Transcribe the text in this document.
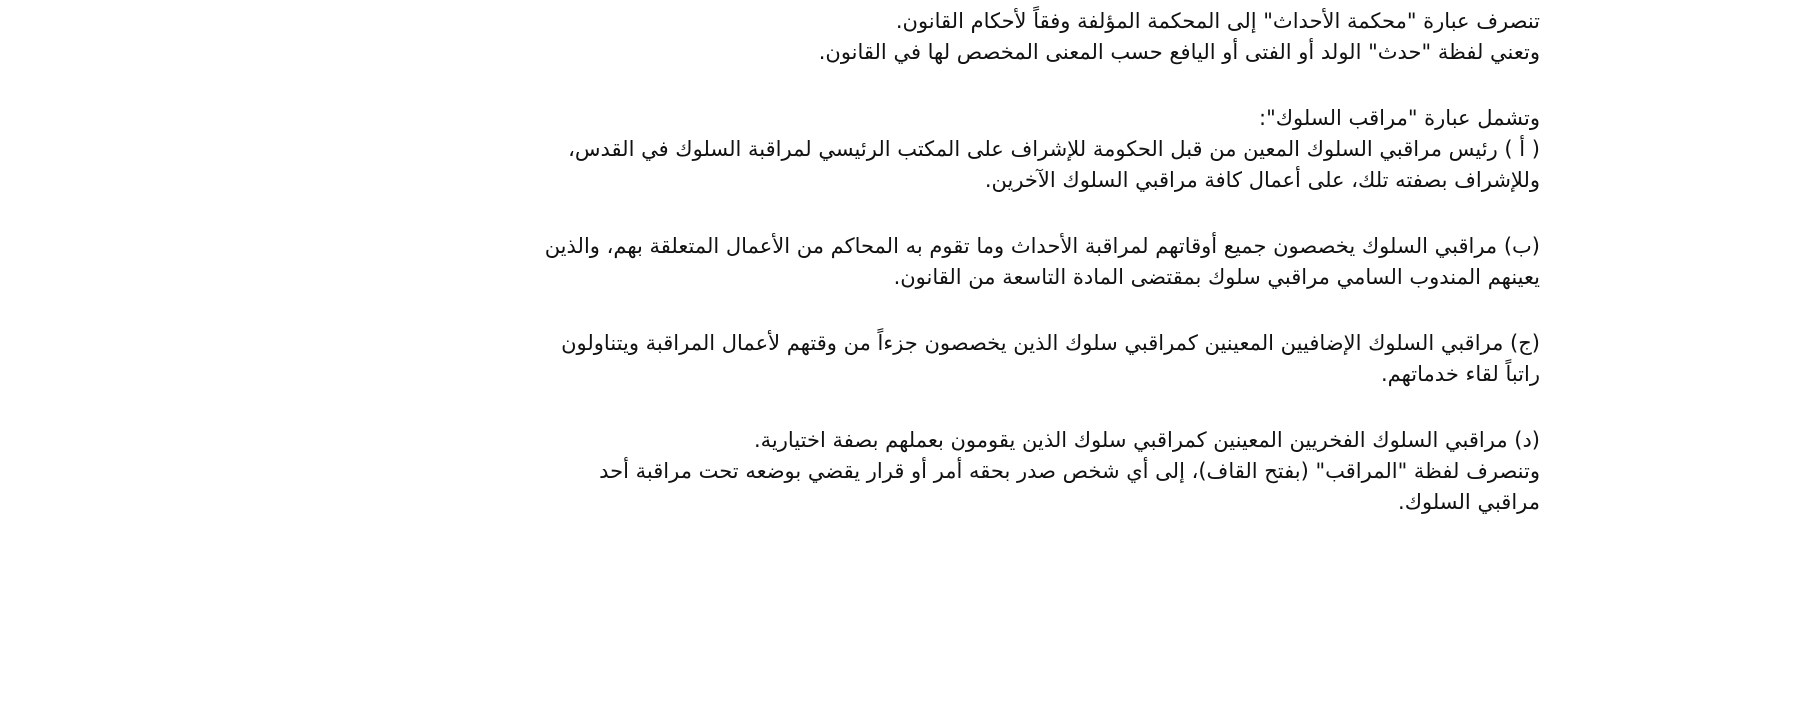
تنصرف عبارة "محكمة الأحداث" إلى المحكمة المؤلفة وفقاً لأحكام القانون.
وتعني لفظة "حدث" الولد أو الفتى أو اليافع حسب المعنى المخصص لها في القانون.

وتشمل عبارة "مراقب السلوك":
( أ ) رئيس مراقبي السلوك المعين من قبل الحكومة للإشراف على المكتب الرئيسي لمراقبة السلوك في القدس،
وللإشراف بصفته تلك، على أعمال كافة مراقبي السلوك الآخرين.

(ب) مراقبي السلوك يخصصون جميع أوقاتهم لمراقبة الأحداث وما تقوم به المحاكم من الأعمال المتعلقة بهم، والذين
يعينهم المندوب السامي مراقبي سلوك بمقتضى المادة التاسعة من القانون.

(ج) مراقبي السلوك الإضافيين المعينين كمراقبي سلوك الذين يخصصون جزءاً من وقتهم لأعمال المراقبة ويتناولون
راتباً لقاء خدماتهم.

(د) مراقبي السلوك الفخريين المعينين كمراقبي سلوك الذين يقومون بعملهم بصفة اختيارية.
وتنصرف لفظة "المراقب" (بفتح القاف)، إلى أي شخص صدر بحقه أمر أو قرار يقضي بوضعه تحت مراقبة أحد
مراقبي السلوك.
